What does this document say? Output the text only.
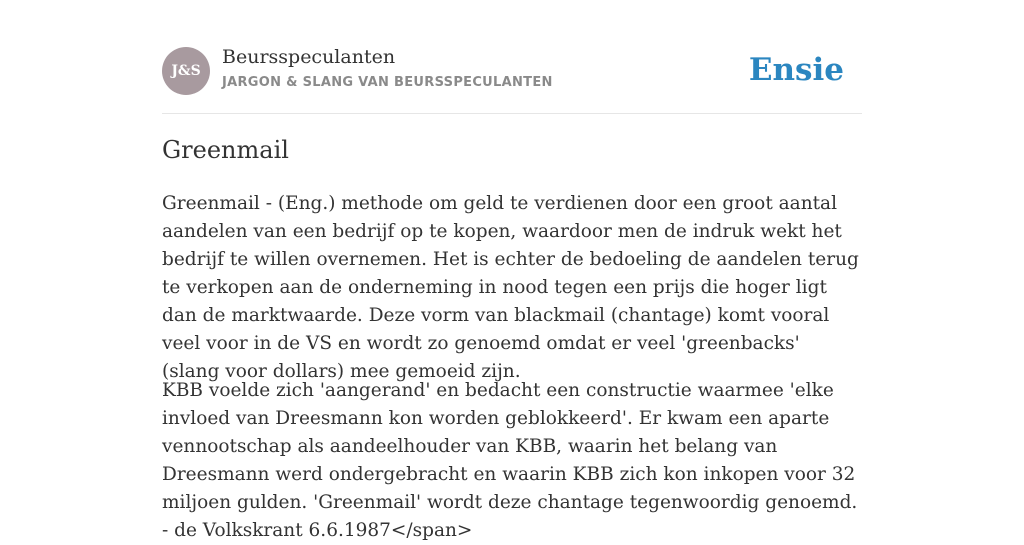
J&S
Beursspeculanten
JARGON & SLANG VAN BEURSSPECULANTEN	Ensie
Greenmail

Greenmail - (Eng.) methode om geld te verdienen door een groot aantal aandelen van een bedrijf op te kopen, waardoor men de indruk wekt het bedrijf te willen overnemen. Het is echter de bedoeling de aandelen terug te verkopen aan de onderneming in nood tegen een prijs die hoger ligt dan de marktwaarde. Deze vorm van blackmail (chantage) komt vooral veel voor in de VS en wordt zo genoemd omdat er veel 'greenbacks' (slang voor dollars) mee gemoeid zijn.

KBB voelde zich 'aangerand' en bedacht een constructie waarmee 'elke invloed van Dreesmann kon worden geblokkeerd'. Er kwam een aparte vennootschap als aandeelhouder van KBB, waarin het belang van Dreesmann werd ondergebracht en waarin KBB zich kon inkopen voor 32 miljoen gulden. 'Greenmail' wordt deze chantage tegenwoordig genoemd. - de Volkskrant 6.6.1987</span>
